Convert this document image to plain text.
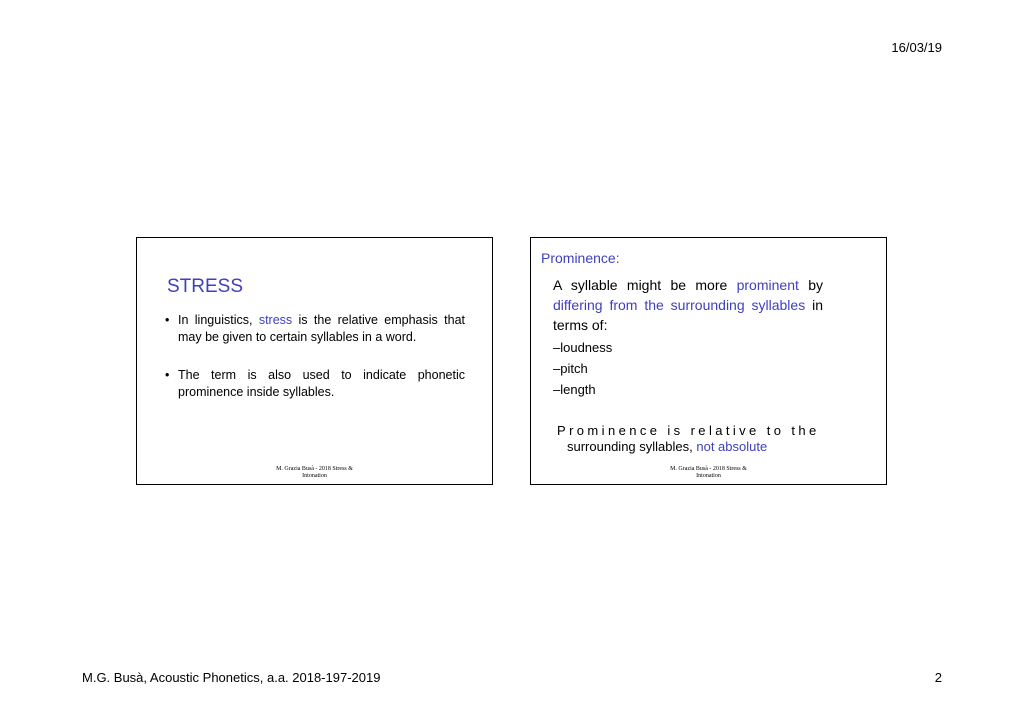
16/03/19
STRESS
• In linguistics, stress is the relative emphasis that may be given to certain syllables in a word.
• The term is also used to indicate phonetic prominence inside syllables.
M. Grazia Busà - 2018 Stress &
Intonation
Prominence:

A syllable might be more prominent by differing from the surrounding syllables in terms of:

–loudness
–pitch
–length

Prominence is relative to the
surrounding syllables, not absolute

M. Grazia Busà - 2018 Stress &
Intonation
M.G. Busà, Acoustic Phonetics, a.a. 2018-197-2019	2
